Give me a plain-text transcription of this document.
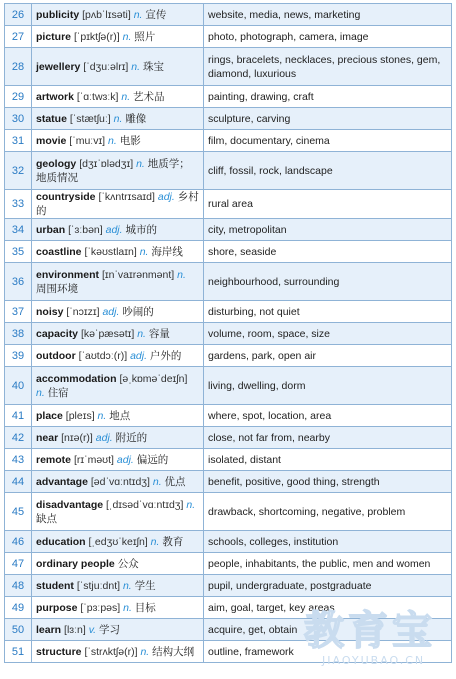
26	publicity [pʌbˈlɪsəti] n. 宣传	website, media, news, marketing
27	picture [ˈpɪktʃə(r)] n. 照片	photo, photograph, camera, image
28	jewellery [ˈdʒuːəlrɪ] n. 珠宝	rings, bracelets, necklaces, precious stones, gem, diamond, luxurious
29	artwork [ˈɑːtwɜːk] n. 艺术品	painting, drawing, craft
30	statue [ˈstætʃuː] n. 雕像	sculpture, carving
31	movie [ˈmuːvɪ] n. 电影	film, documentary, cinema
32	geology [dʒɪˈɒlədʒɪ] n. 地质学；地质情况	cliff, fossil, rock, landscape
33	countryside [ˈkʌntrɪsaɪd] adj. 乡村的	rural area
34	urban [ˈɜːbən] adj. 城市的	city, metropolitan
35	coastline [ˈkəʊstlaɪn] n. 海岸线	shore, seaside
36	environment [ɪnˈvaɪrənmənt] n. 周围环境	neighbourhood, surrounding
37	noisy [ˈnɔɪzɪ] adj. 吵闹的	disturbing, not quiet
38	capacity [kəˈpæsətɪ] n. 容量	volume, room, space, size
39	outdoor [ˈaʊtdɔː(r)] adj. 户外的	gardens, park, open air
40	accommodation [əˌkɒməˈdeɪʃn] n. 住宿	living, dwelling, dorm
41	place [pleɪs] n. 地点	where, spot, location, area
42	near [nɪə(r)] adj. 附近的	close, not far from, nearby
43	remote [rɪˈməʊt] adj. 偏远的	isolated, distant
44	advantage [ədˈvɑːntɪdʒ] n. 优点	benefit, positive, good thing, strength
45	disadvantage [ˌdɪsədˈvɑːntɪdʒ] n. 缺点	drawback, shortcoming, negative, problem
46	education [ˌedʒʊˈkeɪʃn] n. 教育	schools, colleges, institution
47	ordinary people 公众	people, inhabitants, the public, men and women
48	student [ˈstjuːdnt] n. 学生	pupil, undergraduate, postgraduate
49	purpose [ˈpɜːpəs] n. 目标	aim, goal, target, key areas
50	learn [lɜːn] v. 学习	acquire, get, obtain
51	structure [ˈstrʌktʃə(r)] n. 结构大纲	outline, framework 教育宝
JIAOYUBAO.CN
